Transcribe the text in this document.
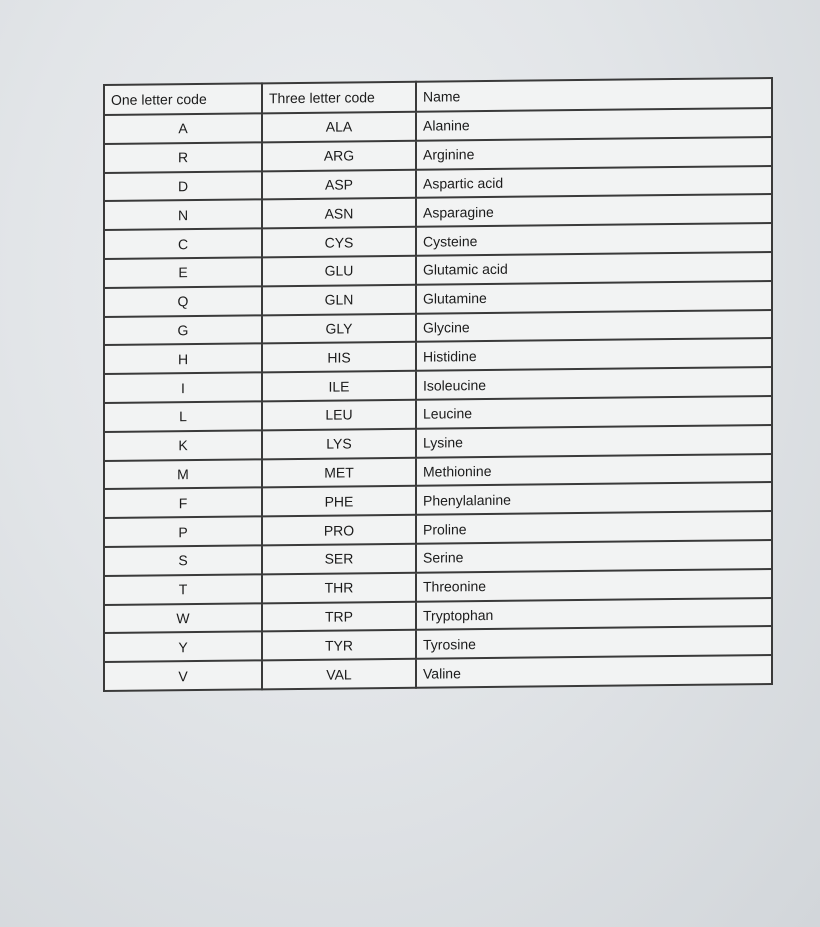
One letter code	Three letter code	Name
A	ALA	Alanine
R	ARG	Arginine
D	ASP	Aspartic acid
N	ASN	Asparagine
C	CYS	Cysteine
E	GLU	Glutamic acid
Q	GLN	Glutamine
G	GLY	Glycine
H	HIS	Histidine
I	ILE	Isoleucine
L	LEU	Leucine
K	LYS	Lysine
M	MET	Methionine
F	PHE	Phenylalanine
P	PRO	Proline
S	SER	Serine
T	THR	Threonine
W	TRP	Tryptophan
Y	TYR	Tyrosine
V	VAL	Valine
